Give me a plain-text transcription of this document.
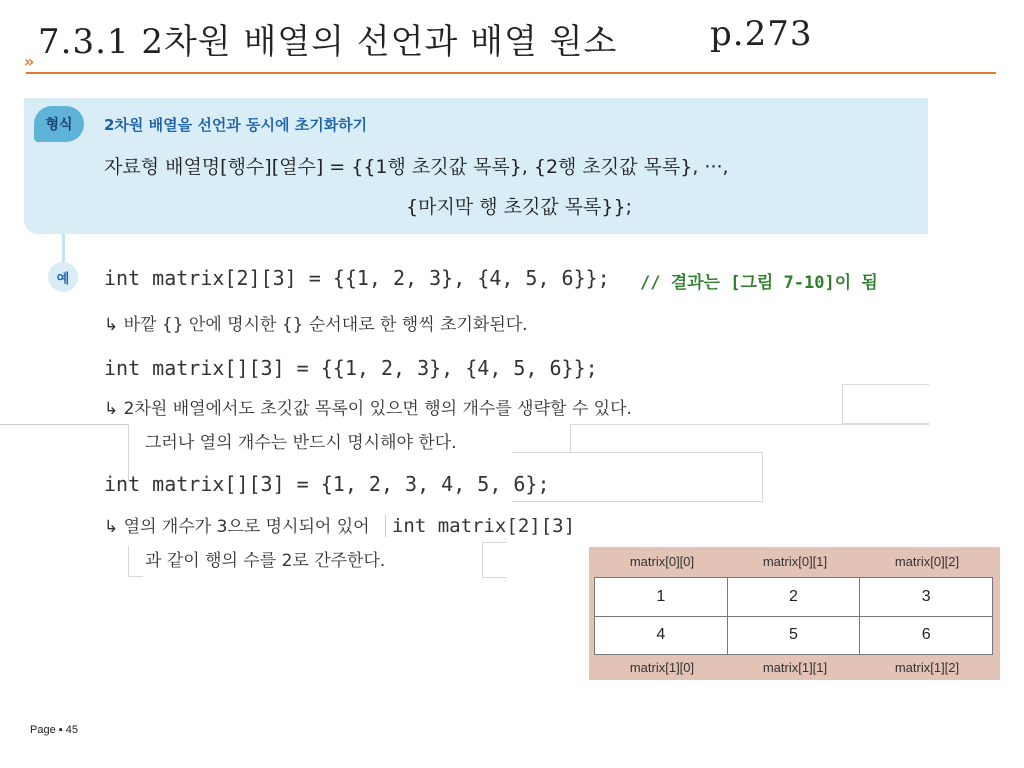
7.3.1 2차원 배열의 선언과 배열 원소	p.273
»
형식	2차원 배열을 선언과 동시에 초기화하기
자료형 배열명[행수][열수] = {{1행 초깃값 목록}, {2행 초깃값 목록}, ···,
{마지막 행 초깃값 목록}};
예	int matrix[2][3] = {{1, 2, 3}, {4, 5, 6}}; // 결과는 [그림 7-10]이 됨
↳ 바깥 {} 안에 명시한 {} 순서대로 한 행씩 초기화된다.
int matrix[][3] = {{1, 2, 3}, {4, 5, 6}};
↳ 2차원 배열에서도 초깃값 목록이 있으면 행의 개수를 생략할 수 있다.
그러나 열의 개수는 반드시 명시해야 한다.
int matrix[][3] = {1, 2, 3, 4, 5, 6};
↳ 열의 개수가 3으로 명시되어 있어 int matrix[2][3]
과 같이 행의 수를 2로 간주한다.	matrix[0][0]	matrix[0][1]	matrix[0][2]
1	2	3
4	5	6
matrix[1][0]	matrix[1][1]	matrix[1][2]
Page ▪ 45
